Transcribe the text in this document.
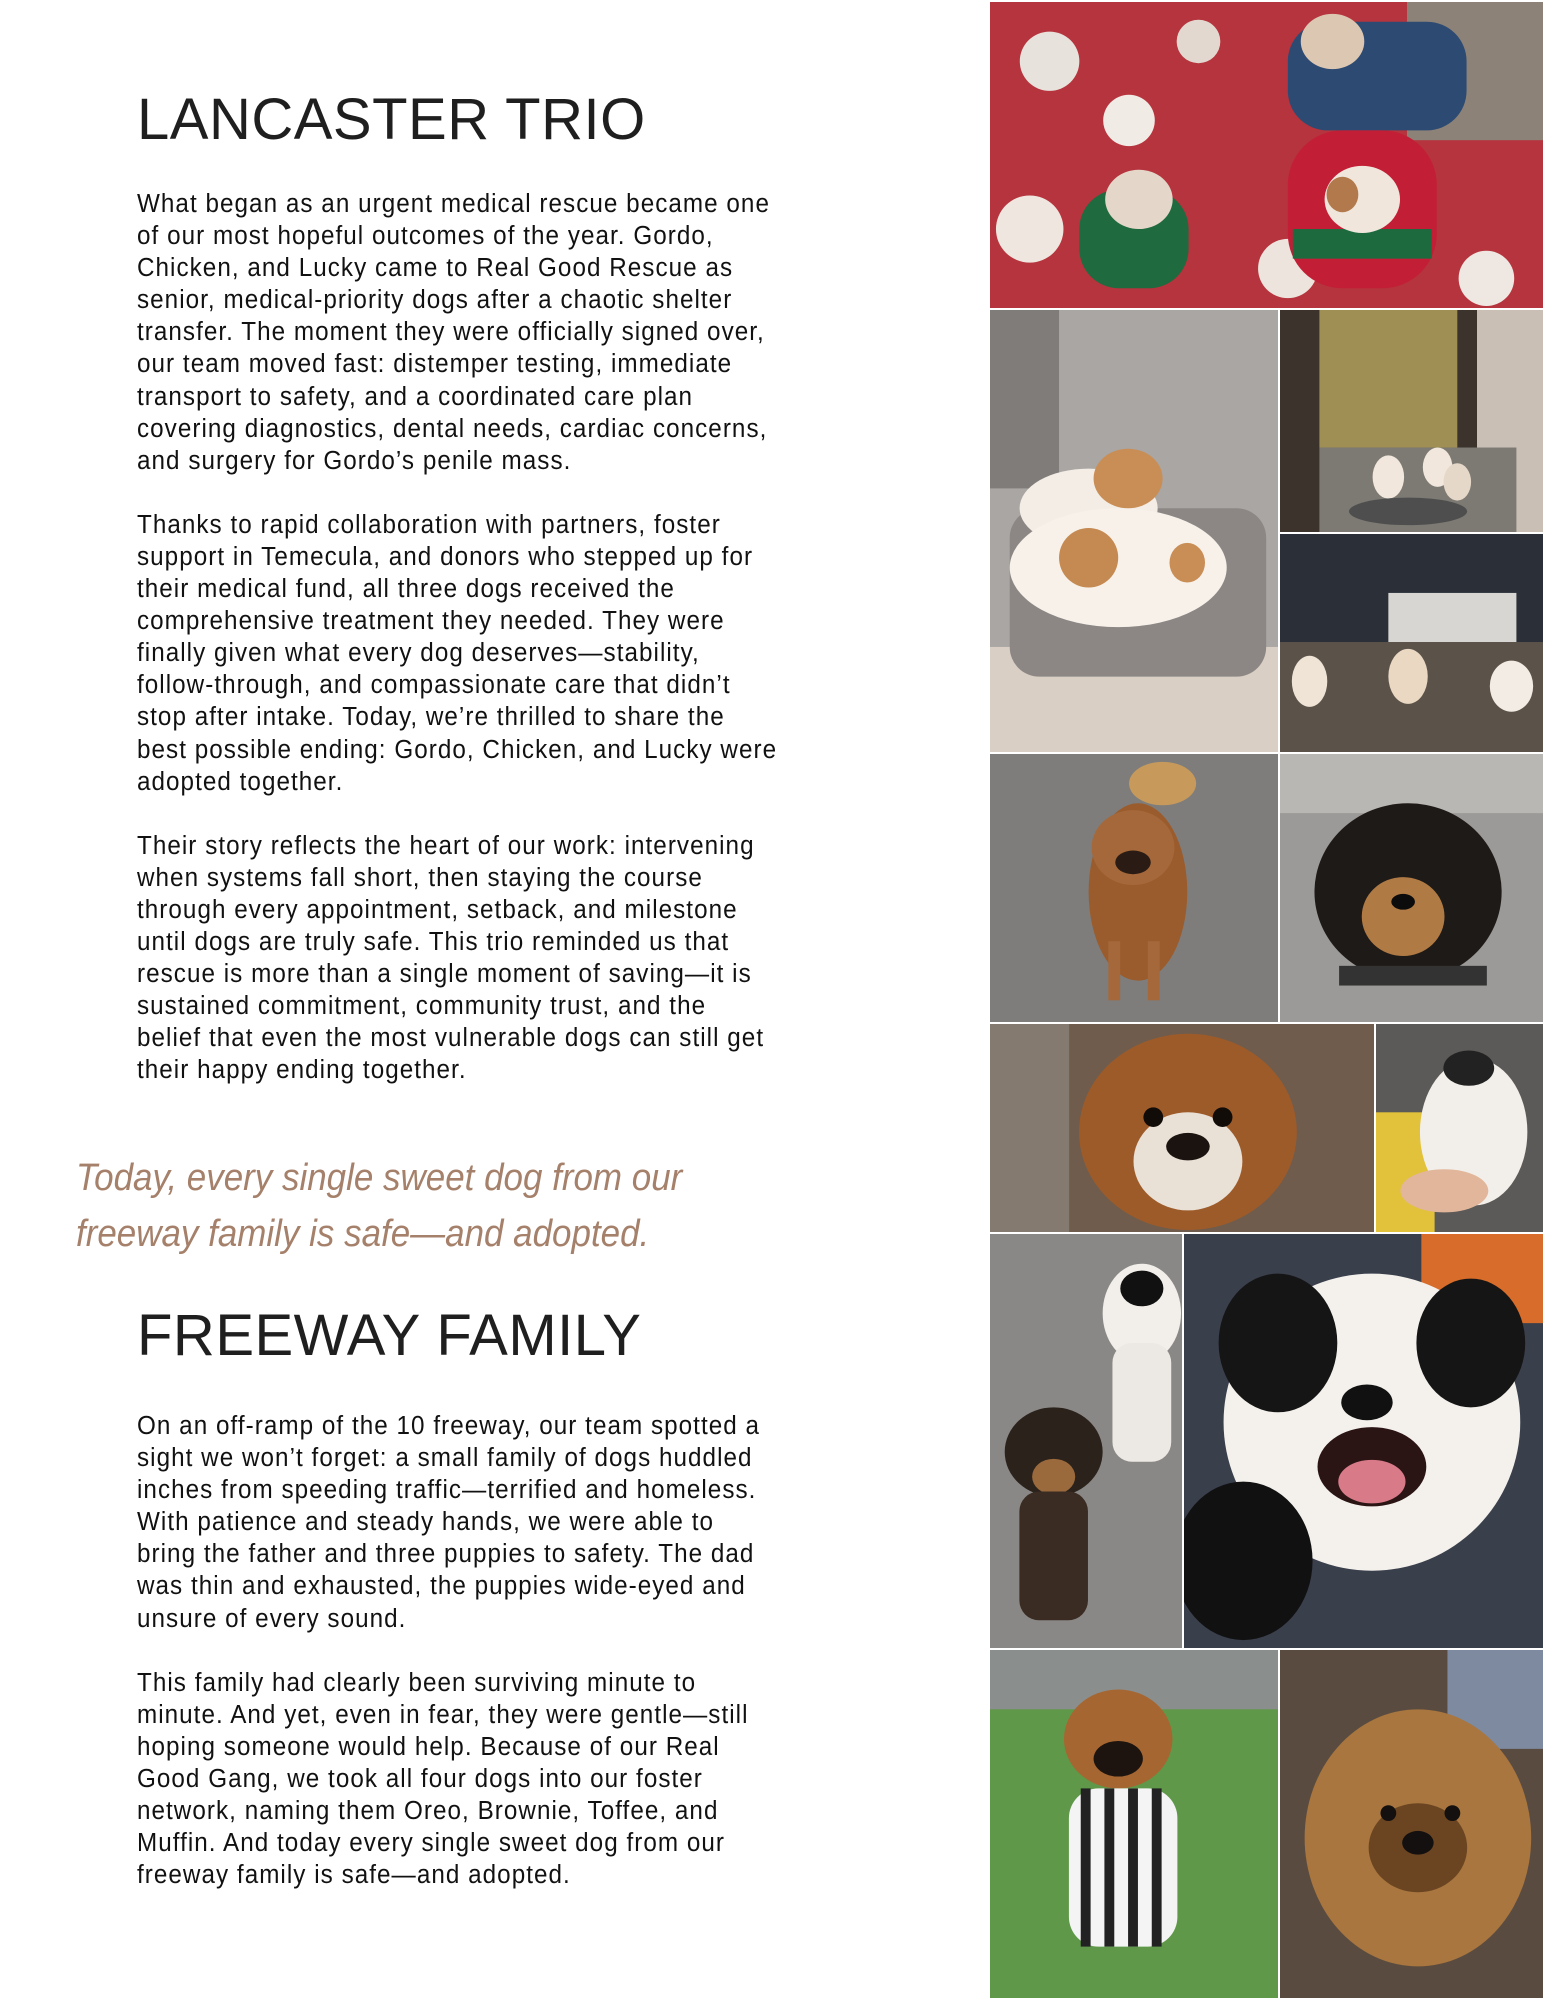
LANCASTER TRIO

What began as an urgent medical rescue became one
of our most hopeful outcomes of the year. Gordo,
Chicken, and Lucky came to Real Good Rescue as
senior, medical-priority dogs after a chaotic shelter
transfer. The moment they were officially signed over,
our team moved fast: distemper testing, immediate
transport to safety, and a coordinated care plan
covering diagnostics, dental needs, cardiac concerns,
and surgery for Gordo’s penile mass.

Thanks to rapid collaboration with partners, foster
support in Temecula, and donors who stepped up for
their medical fund, all three dogs received the
comprehensive treatment they needed. They were
finally given what every dog deserves—stability,
follow-through, and compassionate care that didn’t
stop after intake. Today, we’re thrilled to share the
best possible ending: Gordo, Chicken, and Lucky were
adopted together.

Their story reflects the heart of our work: intervening
when systems fall short, then staying the course
through every appointment, setback, and milestone
until dogs are truly safe. This trio reminded us that
rescue is more than a single moment of saving—it is
sustained commitment, community trust, and the
belief that even the most vulnerable dogs can still get
their happy ending together.

Today, every single sweet dog from our
freeway family is safe—and adopted.

FREEWAY FAMILY

On an off-ramp of the 10 freeway, our team spotted a
sight we won’t forget: a small family of dogs huddled
inches from speeding traffic—terrified and homeless.
With patience and steady hands, we were able to
bring the father and three puppies to safety. The dad
was thin and exhausted, the puppies wide-eyed and
unsure of every sound.

This family had clearly been surviving minute to
minute. And yet, even in fear, they were gentle—still
hoping someone would help. Because of our Real
Good Gang, we took all four dogs into our foster
network, naming them Oreo, Brownie, Toffee, and
Muffin. And today every single sweet dog from our
freeway family is safe—and adopted.
